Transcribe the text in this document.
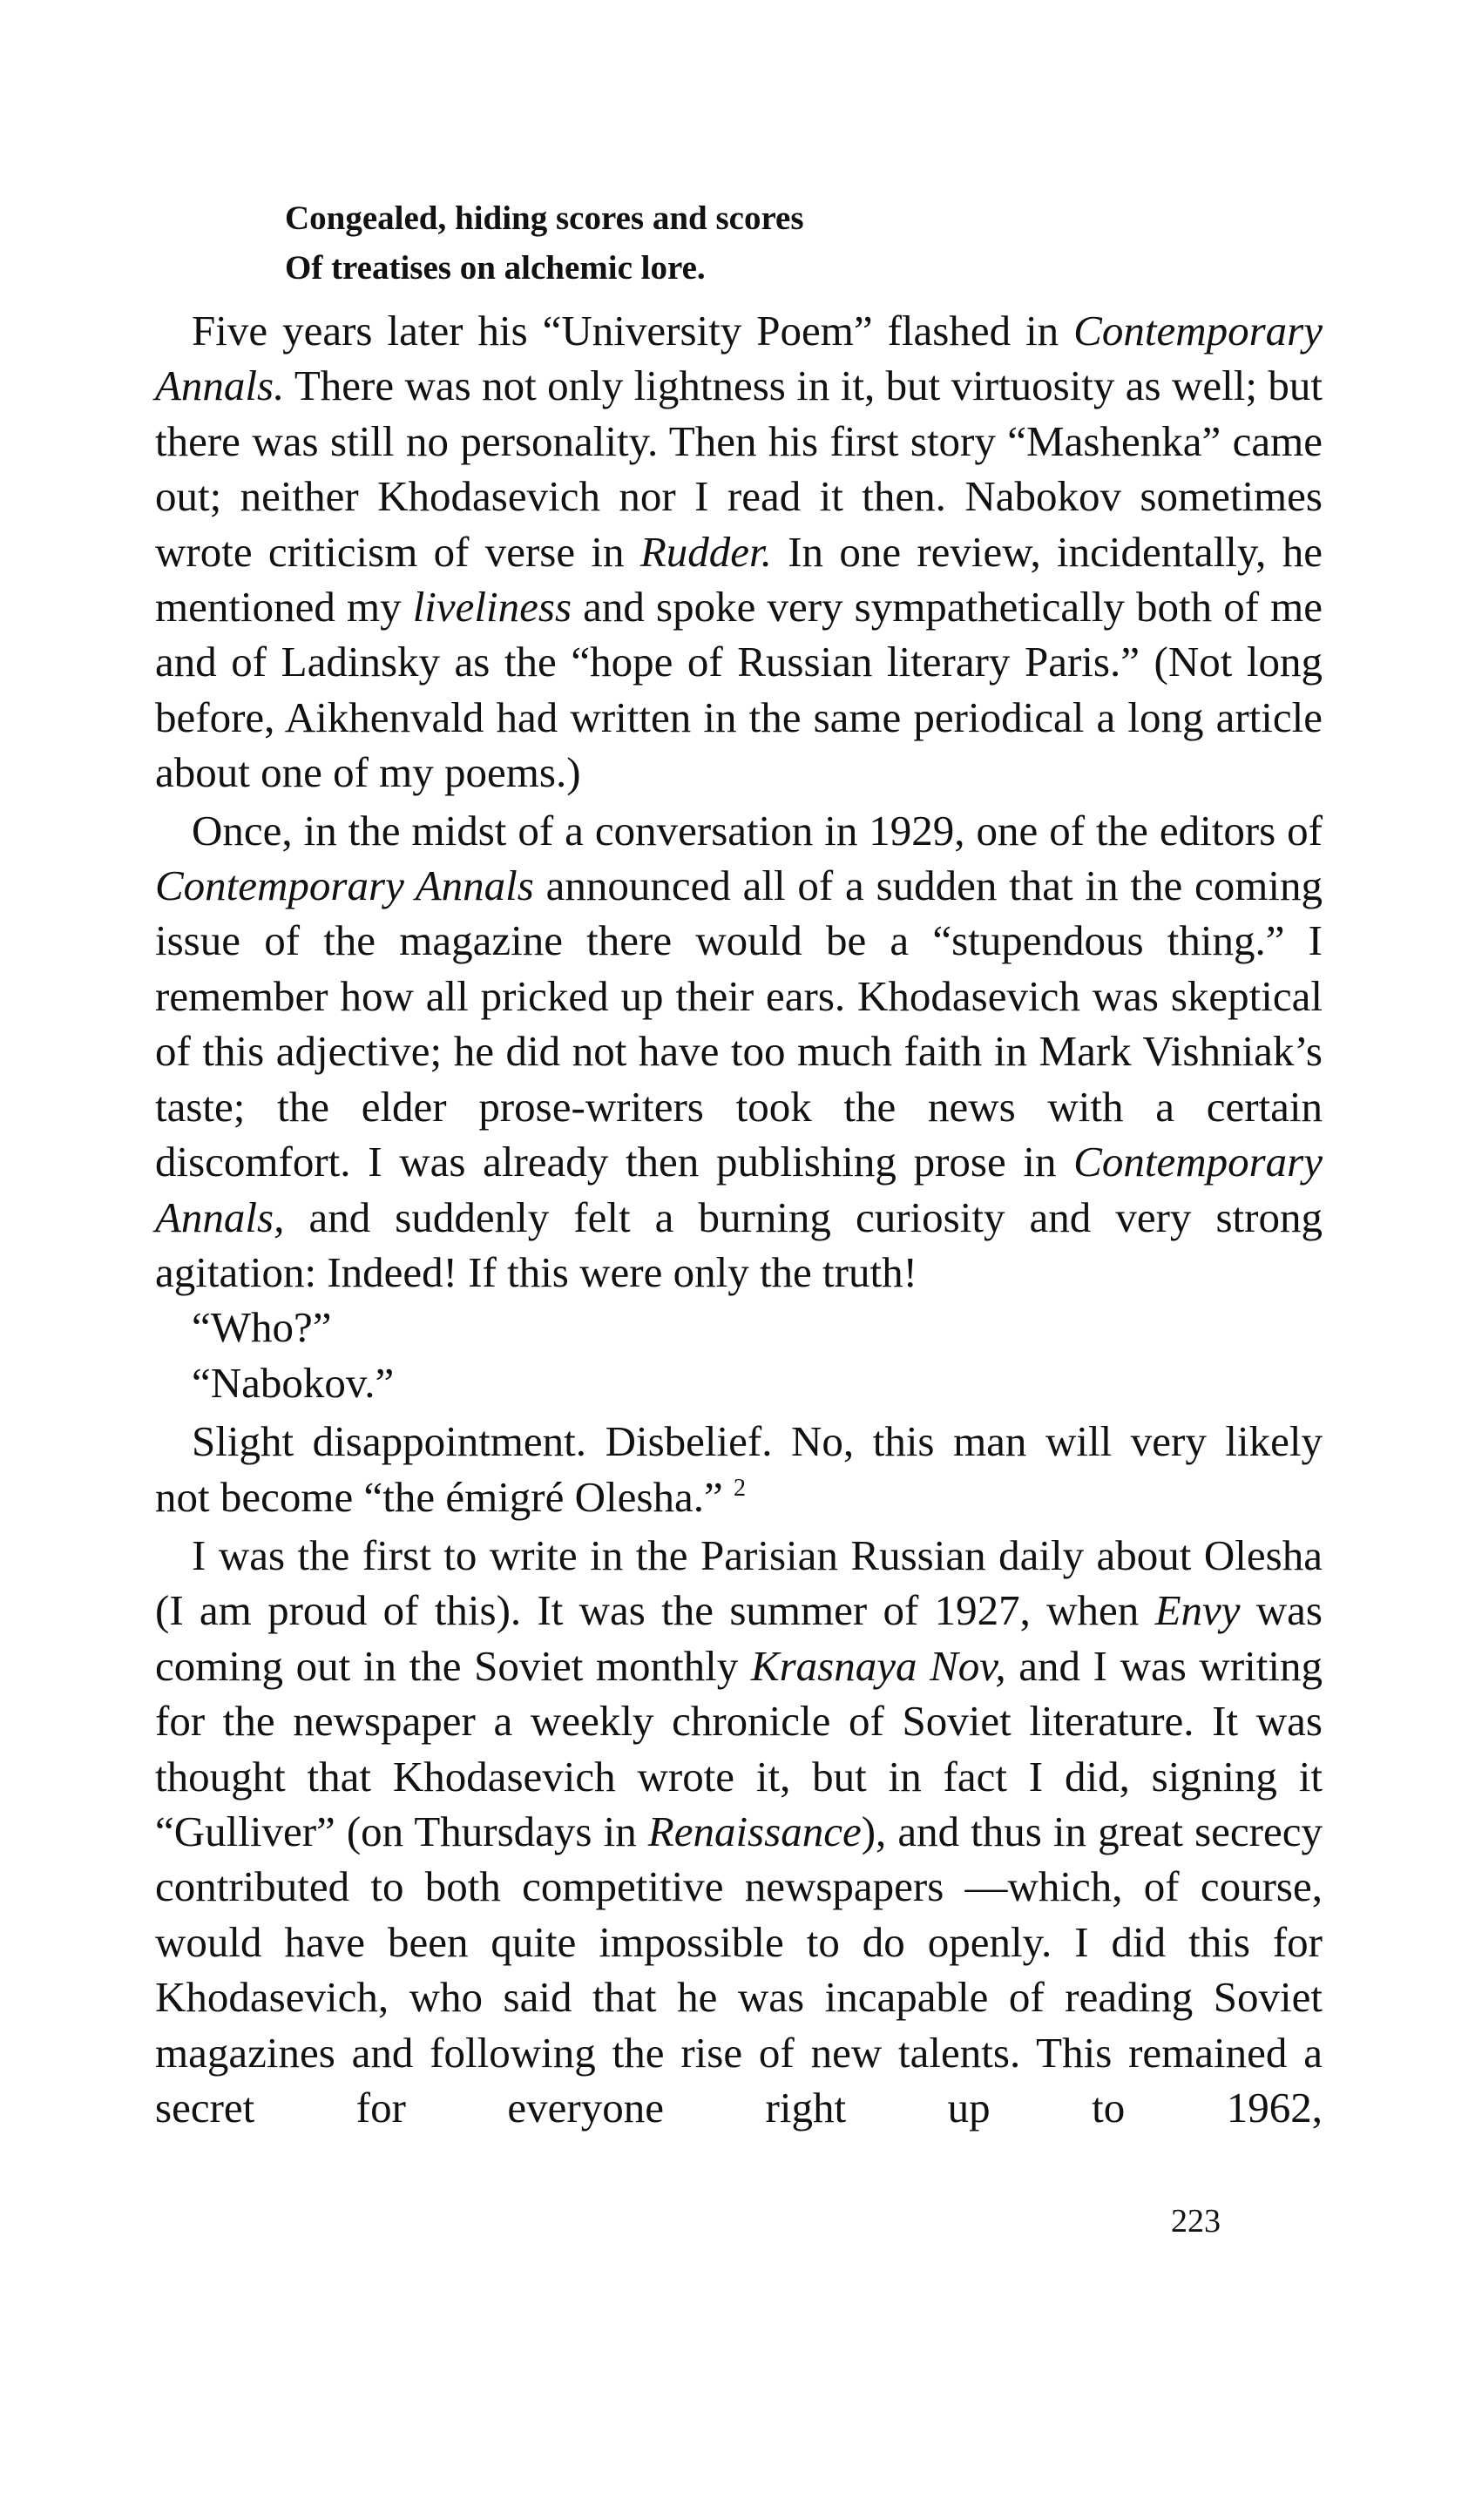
Congealed, hiding scores and scores
Of treatises on alchemic lore.

Five years later his “University Poem” flashed in Contemporary Annals. There was not only lightness in it, but virtuosity as well; but there was still no personality. Then his first story “Mashenka” came out; neither Khodasevich nor I read it then. Nabokov sometimes wrote criticism of verse in Rudder. In one review, incidentally, he mentioned my liveliness and spoke very sympathetically both of me and of Ladinsky as the “hope of Russian literary Paris.” (Not long before, Aikhenvald had written in the same periodical a long article about one of my poems.)

Once, in the midst of a conversation in 1929, one of the editors of Contemporary Annals announced all of a sudden that in the coming issue of the magazine there would be a “stupendous thing.” I remember how all pricked up their ears. Khodasevich was skeptical of this adjective; he did not have too much faith in Mark Vishniak’s taste; the elder prose-writers took the news with a certain discomfort. I was already then publishing prose in Contemporary Annals, and suddenly felt a burning curiosity and very strong agitation: Indeed! If this were only the truth!

“Who?”

“Nabokov.”

Slight disappointment. Disbelief. No, this man will very likely not become “the émigré Olesha.” $^2$

I was the first to write in the Parisian Russian daily about Olesha (I am proud of this). It was the summer of 1927, when Envy was coming out in the Soviet monthly Krasnaya Nov, and I was writing for the newspaper a weekly chronicle of Soviet literature. It was thought that Khodasevich wrote it, but in fact I did, signing it “Gulliver” (on Thursdays in Renaissance), and thus in great secrecy contributed to both competitive newspapers —which, of course, would have been quite impossible to do openly. I did this for Khodasevich, who said that he was incapable of reading Soviet magazines and following the rise of new talents. This remained a secret for everyone right up to 1962,

223
